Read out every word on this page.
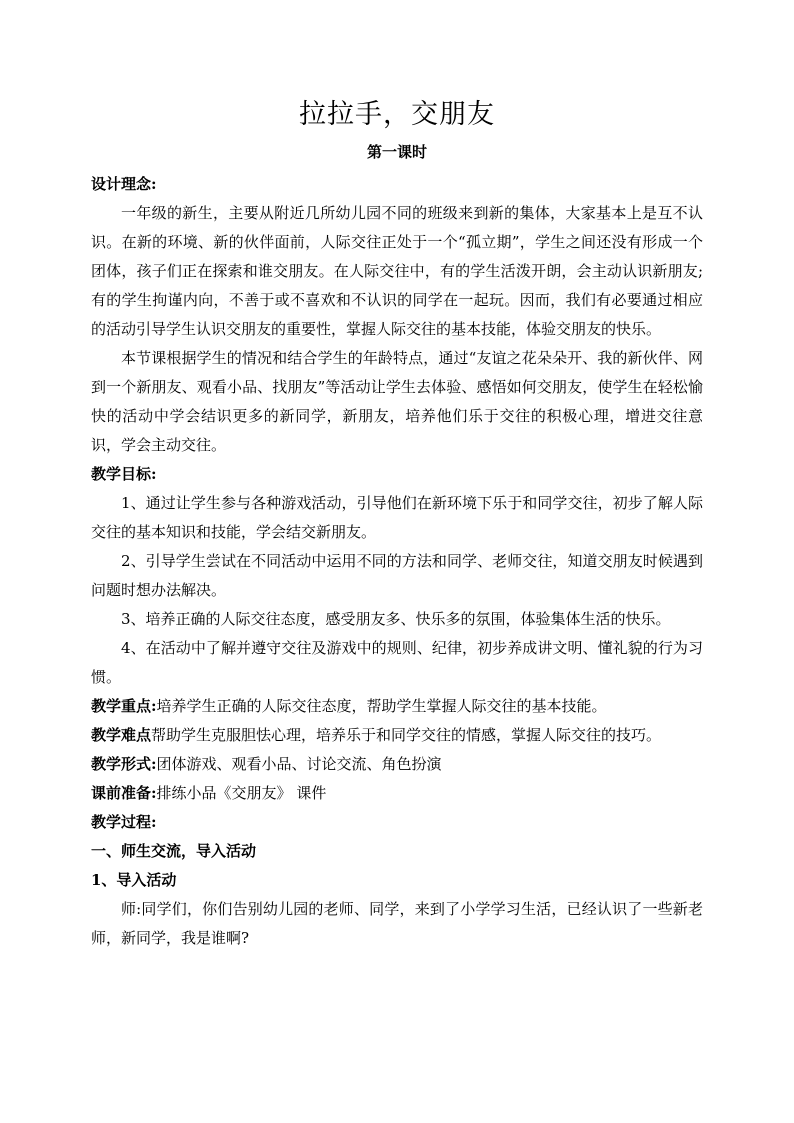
拉拉手，交朋友
第一课时
设计理念:

一年级的新生，主要从附近几所幼儿园不同的班级来到新的集体，大家基本上是互不认识。在新的环境、新的伙伴面前，人际交往正处于一个“孤立期”，学生之间还没有形成一个团体，孩子们正在探索和谁交朋友。在人际交往中，有的学生活泼开朗，会主动认识新朋友;有的学生拘谨内向，不善于或不喜欢和不认识的同学在一起玩。因而，我们有必要通过相应的活动引导学生认识交朋友的重要性，掌握人际交往的基本技能，体验交朋友的快乐。

本节课根据学生的情况和结合学生的年龄特点，通过“友谊之花朵朵开、我的新伙伴、网到一个新朋友、观看小品、找朋友”等活动让学生去体验、感悟如何交朋友，使学生在轻松愉快的活动中学会结识更多的新同学，新朋友，培养他们乐于交往的积极心理，增进交往意识，学会主动交往。

教学目标:

1、通过让学生参与各种游戏活动，引导他们在新环境下乐于和同学交往，初步了解人际交往的基本知识和技能，学会结交新朋友。

2、引导学生尝试在不同活动中运用不同的方法和同学、老师交往，知道交朋友时候遇到问题时想办法解决。

3、培养正确的人际交往态度，感受朋友多、快乐多的氛围，体验集体生活的快乐。

4、在活动中了解并遵守交往及游戏中的规则、纪律，初步养成讲文明、懂礼貌的行为习惯。

教学重点:培养学生正确的人际交往态度，帮助学生掌握人际交往的基本技能。

教学难点帮助学生克服胆怯心理，培养乐于和同学交往的情感，掌握人际交往的技巧。

教学形式:团体游戏、观看小品、讨论交流、角色扮演

课前准备:排练小品《交朋友》 课件

教学过程:
一、师生交流，导入活动
1、导入活动

师:同学们，你们告别幼儿园的老师、同学，来到了小学学习生活，已经认识了一些新老师，新同学，我是谁啊?
